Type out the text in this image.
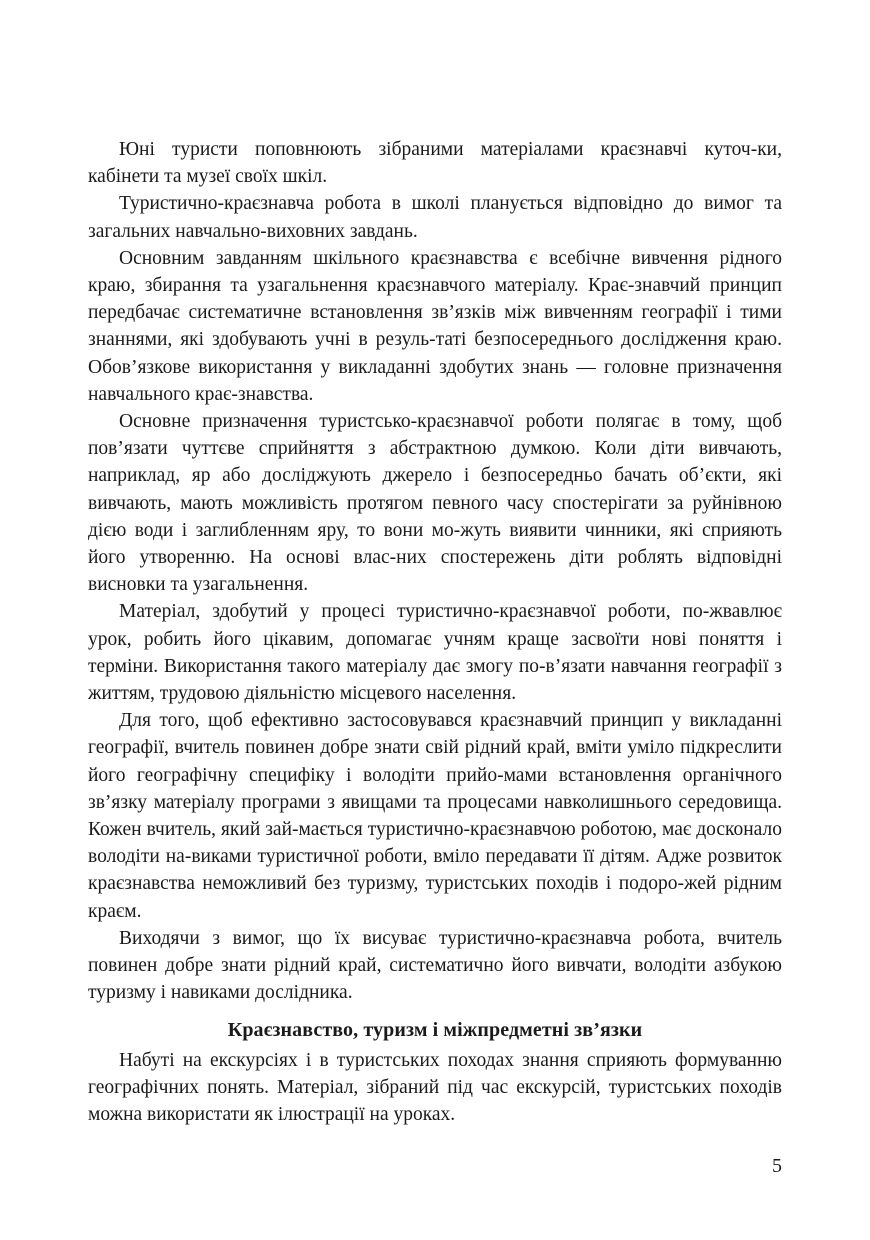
Юні туристи поповнюють зібраними матеріалами краєзнавчі куточ-ки, кабінети та музеї своїх шкіл.

Туристично-краєзнавча робота в школі планується відповідно до вимог та загальних навчально-виховних завдань.

Основним завданням шкільного краєзнавства є всебічне вивчення рідного краю, збирання та узагальнення краєзнавчого матеріалу. Крає-знавчий принцип передбачає систематичне встановлення зв’язків між вивченням географії і тими знаннями, які здобувають учні в резуль-таті безпосереднього дослідження краю. Обов’язкове використання у викладанні здобутих знань — головне призначення навчального крає-знавства.

Основне призначення туристсько-краєзнавчої роботи полягає в тому, щоб пов’язати чуттєве сприйняття з абстрактною думкою. Коли діти вивчають, наприклад, яр або досліджують джерело і безпосередньо бачать об’єкти, які вивчають, мають можливість протягом певного часу спостерігати за руйнівною дією води і заглибленням яру, то вони мо-жуть виявити чинники, які сприяють його утворенню. На основі влас-них спостережень діти роблять відповідні висновки та узагальнення.

Матеріал, здобутий у процесі туристично-краєзнавчої роботи, по-жвавлює урок, робить його цікавим, допомагає учням краще засвоїти нові поняття і терміни. Використання такого матеріалу дає змогу по-в’язати навчання географії з життям, трудовою діяльністю місцевого населення.

Для того, щоб ефективно застосовувався краєзнавчий принцип у викладанні географії, вчитель повинен добре знати свій рідний край, вміти уміло підкреслити його географічну специфіку і володіти прийо-мами встановлення органічного зв’язку матеріалу програми з явищами та процесами навколишнього середовища. Кожен вчитель, який зай-мається туристично-краєзнавчою роботою, має досконало володіти на-виками туристичної роботи, вміло передавати її дітям. Адже розвиток краєзнавства неможливий без туризму, туристських походів і подоро-жей рідним краєм.

Виходячи з вимог, що їх висуває туристично-краєзнавча робота, вчитель повинен добре знати рідний край, систематично його вивчати, володіти азбукою туризму і навиками дослідника.

Краєзнавство, туризм і міжпредметні зв’язки

Набуті на екскурсіях і в туристських походах знання сприяють формуванню географічних понять. Матеріал, зібраний під час екскурсій, туристських походів можна використати як ілюстрації на уроках.

5
